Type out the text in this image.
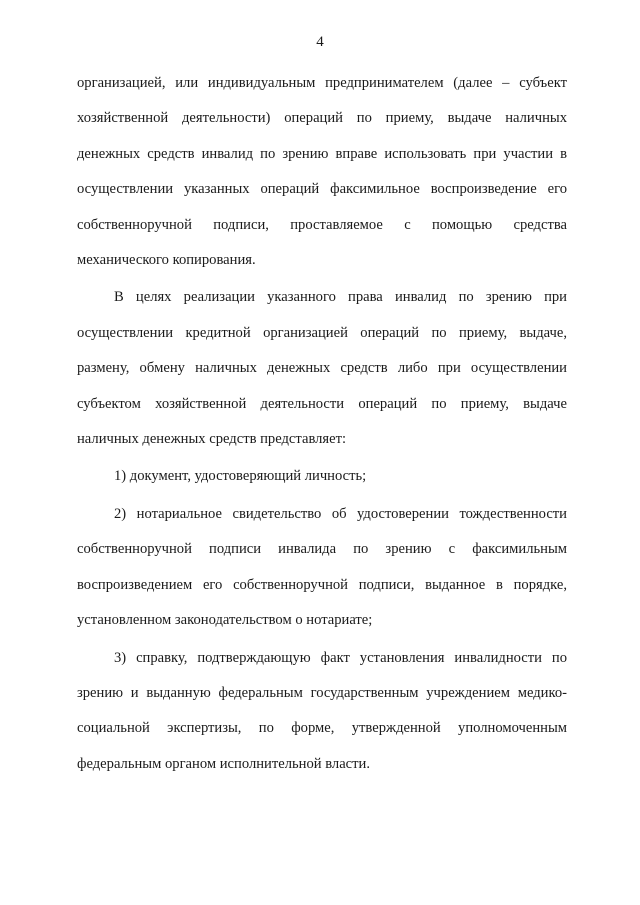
4

организацией, или индивидуальным предпринимателем (далее – субъект хозяйственной деятельности) операций по приему, выдаче наличных денежных средств инвалид по зрению вправе использовать при участии в осуществлении указанных операций факсимильное воспроизведение его собственноручной подписи, проставляемое с помощью средства механического копирования.

В целях реализации указанного права инвалид по зрению при осуществлении кредитной организацией операций по приему, выдаче, размену, обмену наличных денежных средств либо при осуществлении субъектом хозяйственной деятельности операций по приему, выдаче наличных денежных средств представляет:

1) документ, удостоверяющий личность;

2) нотариальное свидетельство об удостоверении тождественности собственноручной подписи инвалида по зрению с факсимильным воспроизведением его собственноручной подписи, выданное в порядке, установленном законодательством о нотариате;

3) справку, подтверждающую факт установления инвалидности по зрению и выданную федеральным государственным учреждением медико-социальной экспертизы, по форме, утвержденной уполномоченным федеральным органом исполнительной власти.
